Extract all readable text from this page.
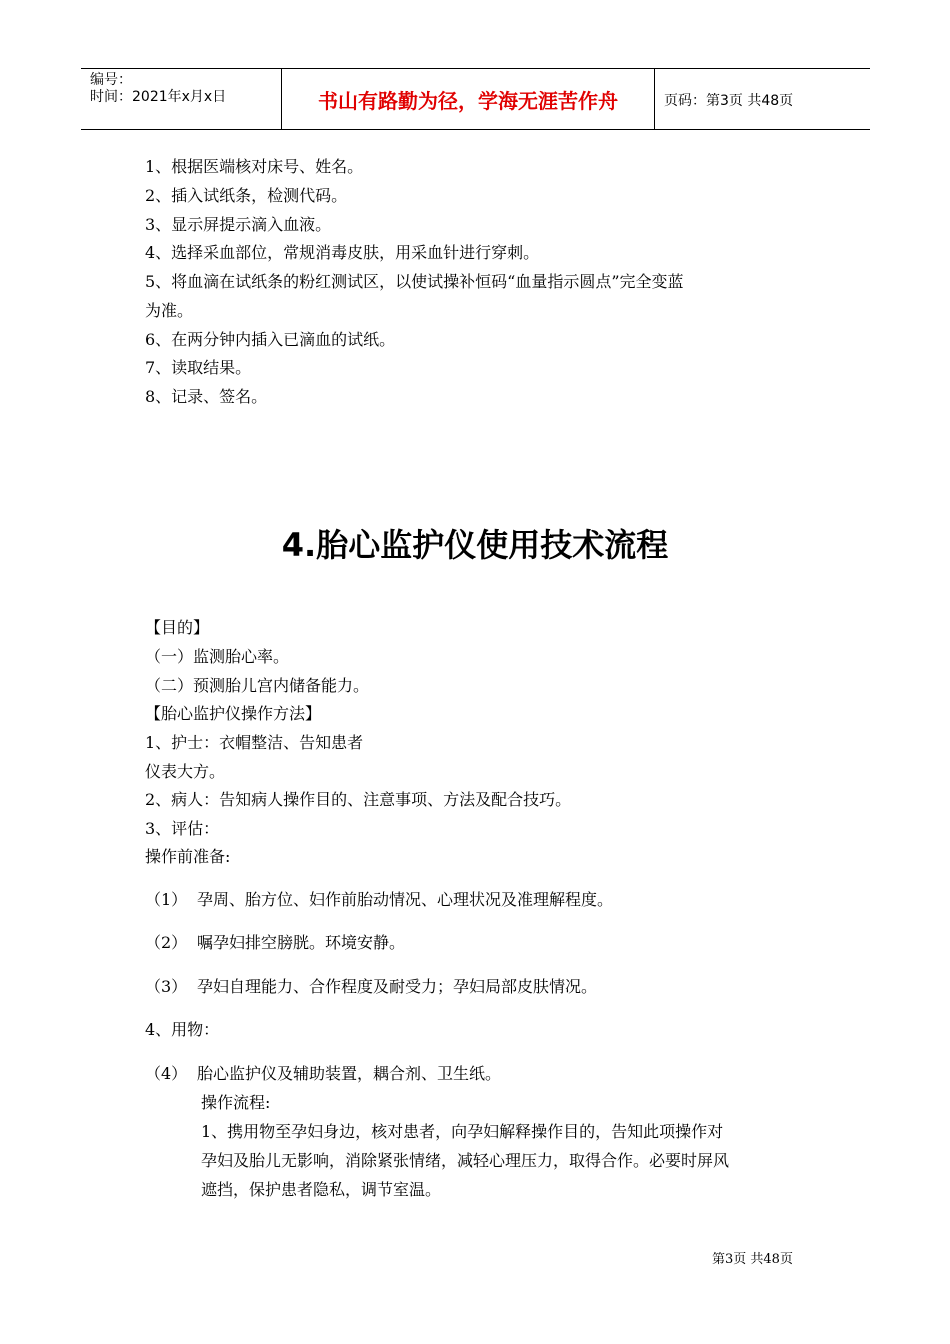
编号：
时间：2021年x月x日	书山有路勤为径，学海无涯苦作舟	页码：第3页 共48页
1、根据医端核对床号、姓名。
2、插入试纸条，检测代码。
3、显示屏提示滴入血液。
4、选择采血部位，常规消毒皮肤，用采血针进行穿刺。
5、将血滴在试纸条的粉红测试区，以使试操补恒码“血量指示圆点”完全变蓝
为准。
6、在两分钟内插入已滴血的试纸。
7、读取结果。
8、记录、签名。
4.胎心监护仪使用技术流程
【目的】
（一）监测胎心率。
（二）预测胎儿宫内储备能力。
【胎心监护仪操作方法】
1、护士：衣帽整洁、告知患者
仪表大方。
2、病人：告知病人操作目的、注意事项、方法及配合技巧。
3、评估：
操作前准备:
（1） 孕周、胎方位、妇作前胎动情况、心理状况及准理解程度。
（2） 嘱孕妇排空膀胱。环境安静。
（3） 孕妇自理能力、合作程度及耐受力；孕妇局部皮肤情况。
4、用物：
（4） 胎心监护仪及辅助装置，耦合剂、卫生纸。
操作流程:
1、携用物至孕妇身边，核对患者，向孕妇解释操作目的，告知此项操作对
孕妇及胎儿无影响，消除紧张情绪，减轻心理压力，取得合作。必要时屏风
遮挡，保护患者隐私，调节室温。
第3页 共48页
